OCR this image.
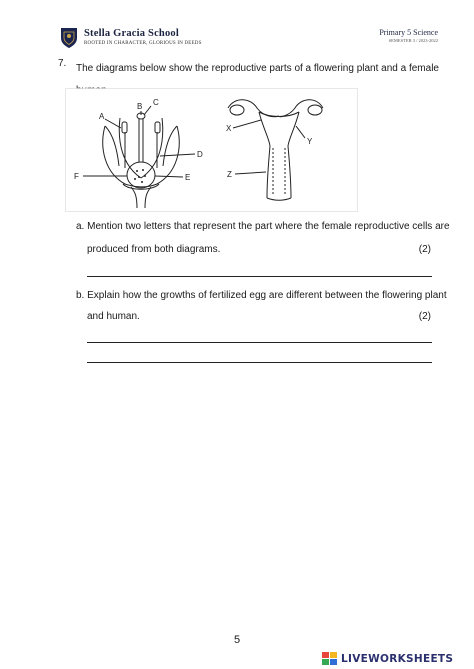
Stella Gracia School
ROOTED IN CHARACTER, GLORIOUS IN DEEDS
Primary 5 Science
SEMESTER 3 / 2023-2022
7. The diagrams below show the reproductive parts of a flowering plant and a female
A
B C
D
E
F
X
Y
Z
a. Mention two letters that represent the part where the female reproductive cells are
produced from both diagrams.	(2)
b. Explain how the growths of fertilized egg are different between the flowering plant
and human.	(2)
5
LIVEWORKSHEETS
